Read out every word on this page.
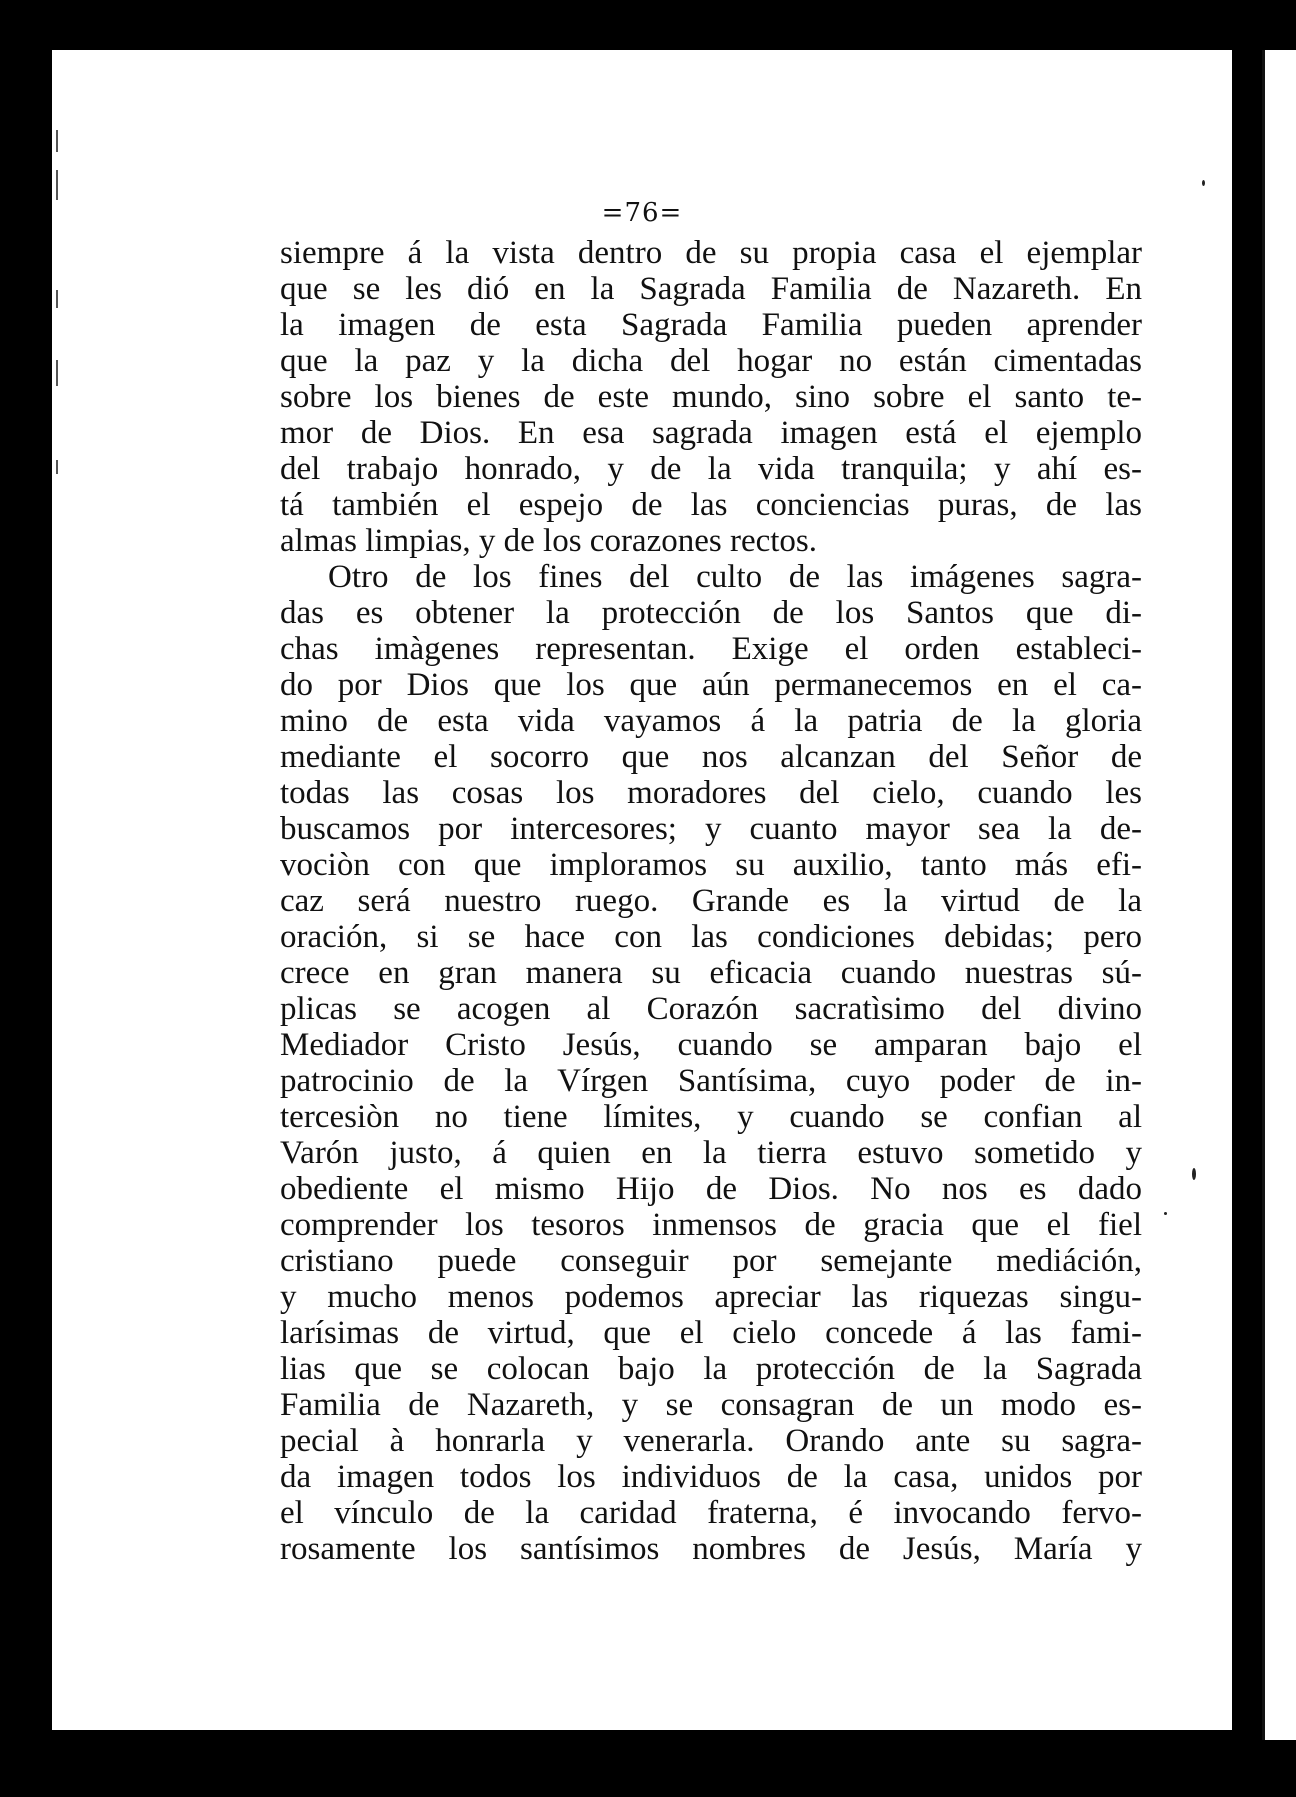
=76=
siempre á la vista dentro de su propia casa el ejemplar
que se les dió en la Sagrada Familia de Nazareth. En
la imagen de esta Sagrada Familia pueden aprender
que la paz y la dicha del hogar no están cimentadas
sobre los bienes de este mundo, sino sobre el santo te-
mor de Dios. En esa sagrada imagen está el ejemplo
del trabajo honrado, y de la vida tranquila; y ahí es-
tá también el espejo de las conciencias puras, de las
almas limpias, y de los corazones rectos.
Otro de los fines del culto de las imágenes sagra-
das es obtener la protección de los Santos que di-
chas imàgenes representan. Exige el orden estableci-
do por Dios que los que aún permanecemos en el ca-
mino de esta vida vayamos á la patria de la gloria
mediante el socorro que nos alcanzan del Señor de
todas las cosas los moradores del cielo, cuando les
buscamos por intercesores; y cuanto mayor sea la de-
vociòn con que imploramos su auxilio, tanto más efi-
caz será nuestro ruego. Grande es la virtud de la
oración, si se hace con las condiciones debidas; pero
crece en gran manera su eficacia cuando nuestras sú-
plicas se acogen al Corazón sacratìsimo del divino
Mediador Cristo Jesús, cuando se amparan bajo el
patrocinio de la Vírgen Santísima, cuyo poder de in-
tercesiòn no tiene límites, y cuando se confian al
Varón justo, á quien en la tierra estuvo sometido y
obediente el mismo Hijo de Dios. No nos es dado
comprender los tesoros inmensos de gracia que el fiel
cristiano puede conseguir por semejante mediáción,
y mucho menos podemos apreciar las riquezas singu-
larísimas de virtud, que el cielo concede á las fami-
lias que se colocan bajo la protección de la Sagrada
Familia de Nazareth, y se consagran de un modo es-
pecial à honrarla y venerarla. Orando ante su sagra-
da imagen todos los individuos de la casa, unidos por
el vínculo de la caridad fraterna, é invocando fervo-
rosamente los santísimos nombres de Jesús, María y
